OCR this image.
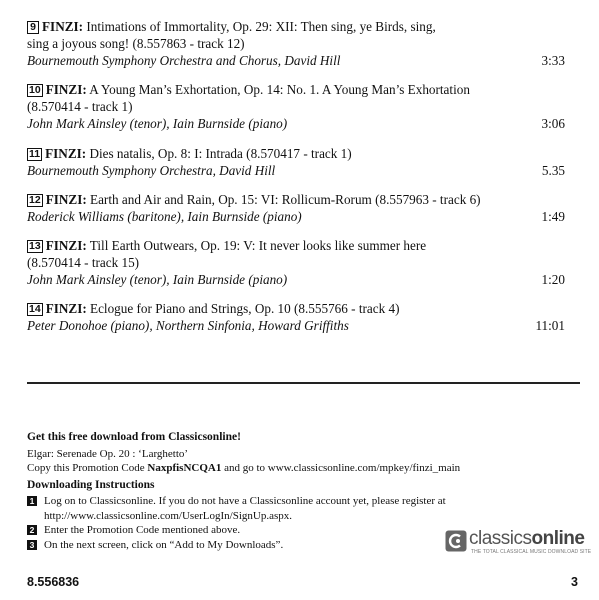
9 FINZI: Intimations of Immortality, Op. 29: XII: Then sing, ye Birds, sing,
sing a joyous song! (8.557863 - track 12)
Bournemouth Symphony Orchestra and Chorus, David Hill	3:33
10 FINZI: A Young Man’s Exhortation, Op. 14: No. 1. A Young Man’s Exhortation
(8.570414 - track 1)
John Mark Ainsley (tenor), Iain Burnside (piano)	3:06
11 FINZI: Dies natalis, Op. 8: I: Intrada (8.570417 - track 1)
Bournemouth Symphony Orchestra, David Hill	5.35
12 FINZI: Earth and Air and Rain, Op. 15: VI: Rollicum-Rorum (8.557963 - track 6)
Roderick Williams (baritone), Iain Burnside (piano)	1:49
13 FINZI: Till Earth Outwears, Op. 19: V: It never looks like summer here
(8.570414 - track 15)
John Mark Ainsley (tenor), Iain Burnside (piano)	1:20
14 FINZI: Eclogue for Piano and Strings, Op. 10 (8.555766 - track 4)
Peter Donohoe (piano), Northern Sinfonia, Howard Griffiths	11:01
Get this free download from Classicsonline!
Elgar: Serenade Op. 20 : ‘Larghetto’
Copy this Promotion Code NaxpfisNCQA1 and go to www.classicsonline.com/mpkey/finzi_main
Downloading Instructions
1 Log on to Classicsonline. If you do not have a Classicsonline account yet, please register at
http://www.classicsonline.com/UserLogIn/SignUp.aspx.
2 Enter the Promotion Code mentioned above.
3 On the next screen, click on “Add to My Downloads”.	classicsonline
THE TOTAL CLASSICAL MUSIC DOWNLOAD SITE
8.556836	3
